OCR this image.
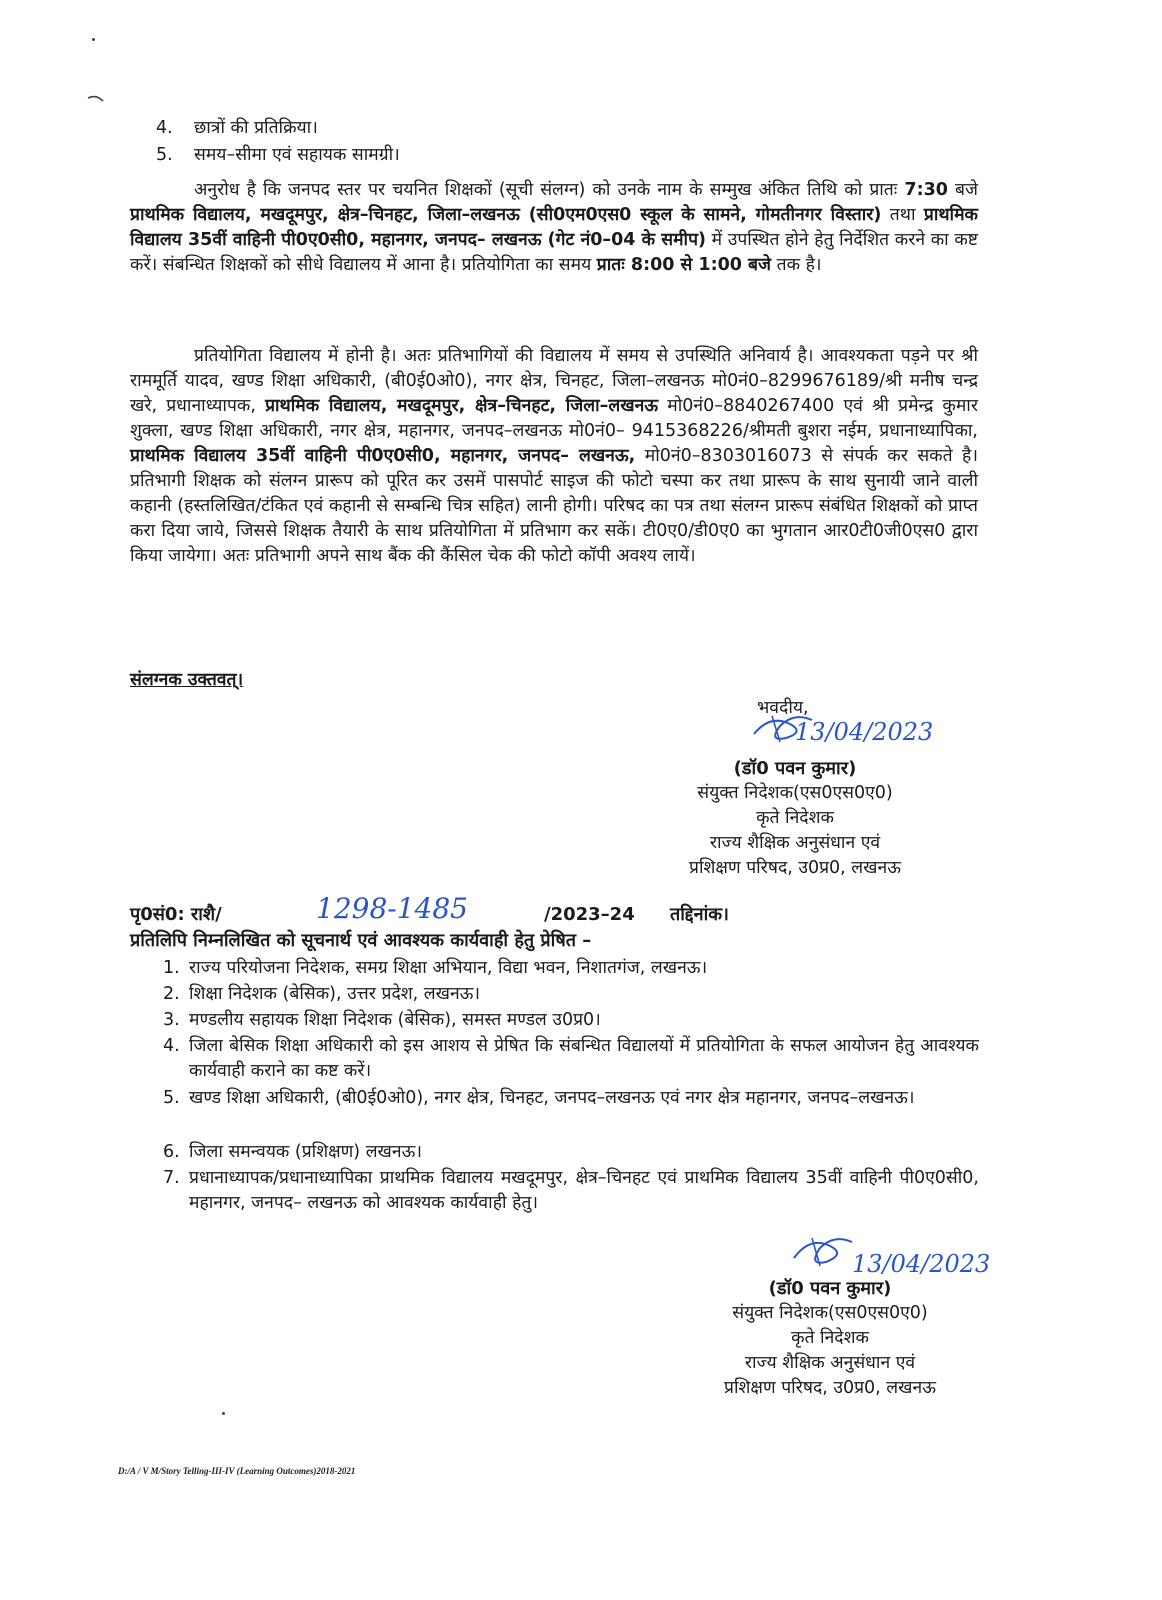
4. छात्रों की प्रतिक्रिया।
5. समय–सीमा एवं सहायक सामग्री।
अनुरोध है कि जनपद स्तर पर चयनित शिक्षकों (सूची संलग्न) को उनके नाम के सम्मुख अंकित तिथि को प्रातः 7:30 बजे प्राथमिक विद्यालय, मखदूमपुर, क्षेत्र–चिनहट, जिला–लखनऊ (सी0एम0एस0 स्कूल के सामने, गोमतीनगर विस्तार) तथा प्राथमिक विद्यालय 35वीं वाहिनी पी0ए0सी0, महानगर, जनपद– लखनऊ (गेट नं0–04 के समीप) में उपस्थित होने हेतु निर्देशित करने का कष्ट करें। संबन्धित शिक्षकों को सीधे विद्यालय में आना है। प्रतियोगिता का समय प्रातः 8:00 से 1:00 बजे तक है।
प्रतियोगिता विद्यालय में होनी है। अतः प्रतिभागियों की विद्यालय में समय से उपस्थिति अनिवार्य है। आवश्यकता पड़ने पर श्री राममूर्ति यादव, खण्ड शिक्षा अधिकारी, (बी0ई0ओ0), नगर क्षेत्र, चिनहट, जिला–लखनऊ मो0नं0–8299676189/श्री मनीष चन्द्र खरे, प्रधानाध्यापक, प्राथमिक विद्यालय, मखदूमपुर, क्षेत्र–चिनहट, जिला–लखनऊ मो0नं0–8840267400 एवं श्री प्रमेन्द्र कुमार शुक्ला, खण्ड शिक्षा अधिकारी, नगर क्षेत्र, महानगर, जनपद–लखनऊ मो0नं0– 9415368226/श्रीमती बुशरा नईम, प्रधानाध्यापिका, प्राथमिक विद्यालय 35वीं वाहिनी पी0ए0सी0, महानगर, जनपद– लखनऊ, मो0नं0–8303016073 से संपर्क कर सकते है। प्रतिभागी शिक्षक को संलग्न प्रारूप को पूरित कर उसमें पासपोर्ट साइज की फोटो चस्पा कर तथा प्रारूप के साथ सुनायी जाने वाली कहानी (हस्तलिखित/टंकित एवं कहानी से सम्बन्धि चित्र सहित) लानी होगी। परिषद का पत्र तथा संलग्न प्रारूप संबंधित शिक्षकों को प्राप्त करा दिया जाये, जिससे शिक्षक तैयारी के साथ प्रतियोगिता में प्रतिभाग कर सकें। टी0ए0/डी0ए0 का भुगतान आर0टी0जी0एस0 द्वारा किया जायेगा। अतः प्रतिभागी अपने साथ बैंक की कैंसिल चेक की फोटो कॉपी अवश्य लायें।
संलग्नक उक्तवत्।
भवदीय,
13/04/2023
(डॉ0 पवन कुमार)
संयुक्त निदेशक(एस0एस0ए0)
कृते निदेशक
राज्य शैक्षिक अनुसंधान एवं
प्रशिक्षण परिषद, उ0प्र0, लखनऊ
पृ0सं0: राशै/	1298-1485	/2023–24 तद्दिनांक।
प्रतिलिपि निम्नलिखित को सूचनार्थ एवं आवश्यक कार्यवाही हेतु प्रेषित –
1. राज्य परियोजना निदेशक, समग्र शिक्षा अभियान, विद्या भवन, निशातगंज, लखनऊ।
2. शिक्षा निदेशक (बेसिक), उत्तर प्रदेश, लखनऊ।
3. मण्डलीय सहायक शिक्षा निदेशक (बेसिक), समस्त मण्डल उ0प्र0।
4. जिला बेसिक शिक्षा अधिकारी को इस आशय से प्रेषित कि संबन्धित विद्यालयों में प्रतियोगिता के सफल आयोजन हेतु आवश्यक कार्यवाही कराने का कष्ट करें।
5. खण्ड शिक्षा अधिकारी, (बी0ई0ओ0), नगर क्षेत्र, चिनहट, जनपद–लखनऊ एवं नगर क्षेत्र महानगर, जनपद–लखनऊ।
6. जिला समन्वयक (प्रशिक्षण) लखनऊ।
7. प्रधानाध्यापक/प्रधानाध्यापिका प्राथमिक विद्यालय मखदूमपुर, क्षेत्र–चिनहट एवं प्राथमिक विद्यालय 35वीं वाहिनी पी0ए0सी0, महानगर, जनपद– लखनऊ को आवश्यक कार्यवाही हेतु।
13/04/2023
(डॉ0 पवन कुमार)
संयुक्त निदेशक(एस0एस0ए0)
कृते निदेशक
राज्य शैक्षिक अनुसंधान एवं
प्रशिक्षण परिषद, उ0प्र0, लखनऊ
D:/A / V M/Story Telling-III-IV (Learning Outcomes)2018-2021
